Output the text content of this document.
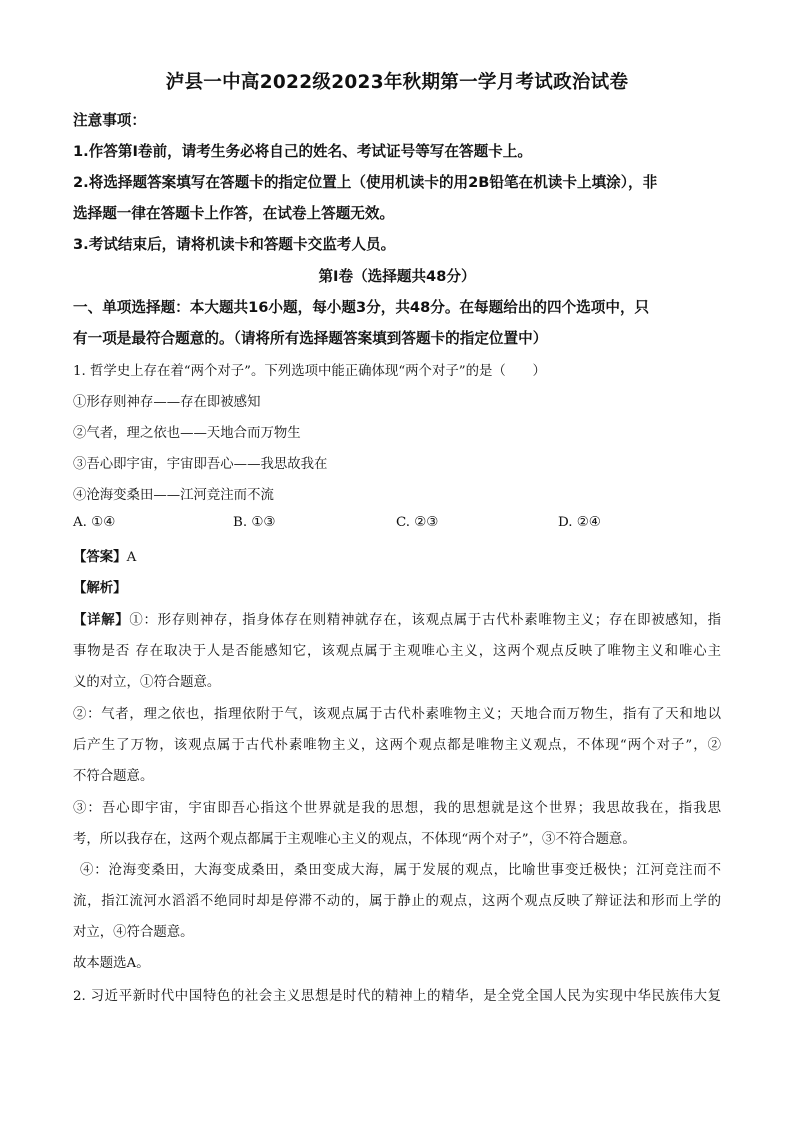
泸县一中高2022级2023年秋期第一学月考试政治试卷
注意事项：
1.作答第Ⅰ卷前，请考生务必将自己的姓名、考试证号等写在答题卡上。
2.将选择题答案填写在答题卡的指定位置上（使用机读卡的用2B铅笔在机读卡上填涂），非
选择题一律在答题卡上作答，在试卷上答题无效。
3.考试结束后，请将机读卡和答题卡交监考人员。
第Ⅰ卷（选择题共48分）
一、单项选择题：本大题共16小题，每小题3分，共48分。在每题给出的四个选项中，只
有一项是最符合题意的。（请将所有选择题答案填到答题卡的指定位置中）
1. 哲学史上存在着“两个对子”。下列选项中能正确体现“两个对子”的是（　　）
①形存则神存——存在即被感知
②气者，理之依也——天地合而万物生
③吾心即宇宙，宇宙即吾心——我思故我在
④沧海变桑田——江河竞注而不流
A. ①④	B. ①③	C. ②③	D. ②④
【答案】A
【解析】
【详解】①：形存则神存，指身体存在则精神就存在，该观点属于古代朴素唯物主义；存在即被感知，指
事物是否 存在取决于人是否能感知它，该观点属于主观唯心主义，这两个观点反映了唯物主义和唯心主
义的对立，①符合题意。
②：气者，理之依也，指理依附于气，该观点属于古代朴素唯物主义；天地合而万物生，指有了天和地以
后产生了万物，该观点属于古代朴素唯物主义，这两个观点都是唯物主义观点，不体现“两个对子”，②
不符合题意。
③：吾心即宇宙，宇宙即吾心指这个世界就是我的思想，我的思想就是这个世界；我思故我在，指我思
考，所以我存在，这两个观点都属于主观唯心主义的观点，不体现“两个对子”，③不符合题意。
④：沧海变桑田，大海变成桑田，桑田变成大海，属于发展的观点，比喻世事变迁极快；江河竞注而不
流，指江流河水滔滔不绝同时却是停滞不动的，属于静止的观点，这两个观点反映了辩证法和形而上学的
对立，④符合题意。
故本题选A。
2. 习近平新时代中国特色的社会主义思想是时代的精神上的精华，是全党全国人民为实现中华民族伟大复
